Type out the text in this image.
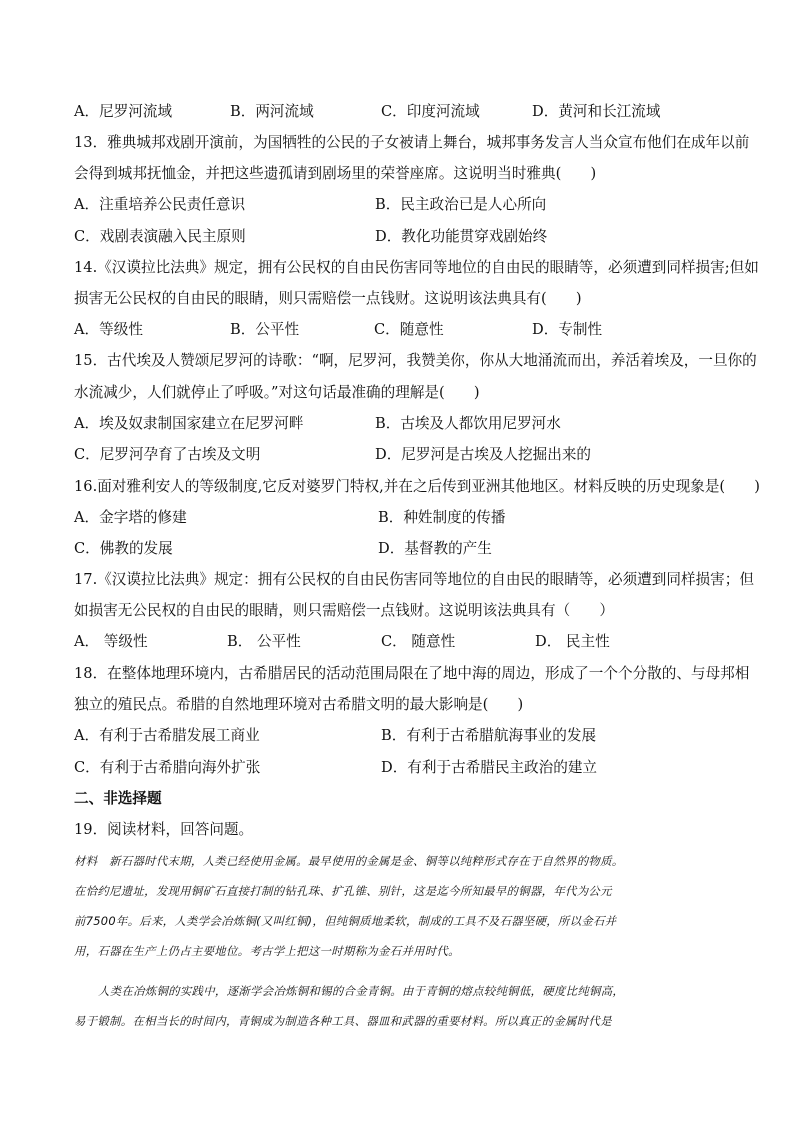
A．尼罗河流域	B．两河流域	C．印度河流域	D．黄河和长江流域

13．雅典城邦戏剧开演前，为国牺牲的公民的子女被请上舞台，城邦事务发言人当众宣布他们在成年以前

会得到城邦抚恤金，并把这些遗孤请到剧场里的荣誉座席。这说明当时雅典(　　)

A．注重培养公民责任意识	B．民主政治已是人心所向
C．戏剧表演融入民主原则	D．教化功能贯穿戏剧始终

14.《汉谟拉比法典》规定，拥有公民权的自由民伤害同等地位的自由民的眼睛等，必须遭到同样损害;但如

损害无公民权的自由民的眼睛，则只需赔偿一点钱财。这说明该法典具有(　　)

A．等级性	B．公平性	C．随意性	D．专制性

15．古代埃及人赞颂尼罗河的诗歌：“啊，尼罗河，我赞美你，你从大地涌流而出，养活着埃及，一旦你的

水流减少，人们就停止了呼吸。”对这句话最准确的理解是(　　)

A．埃及奴隶制国家建立在尼罗河畔	B．古埃及人都饮用尼罗河水
C．尼罗河孕育了古埃及文明	D．尼罗河是古埃及人挖掘出来的

16.面对雅利安人的等级制度,它反对婆罗门特权,并在之后传到亚洲其他地区。材料反映的历史现象是(　　)

A．金字塔的修建	B．种姓制度的传播
C．佛教的发展	D．基督教的产生

17.《汉谟拉比法典》规定：拥有公民权的自由民伤害同等地位的自由民的眼睛等，必须遭到同样损害；但

如损害无公民权的自由民的眼睛，则只需赔偿一点钱财。这说明该法典具有（　　）

A． 等级性	B． 公平性	C． 随意性	D． 民主性

18．在整体地理环境内，古希腊居民的活动范围局限在了地中海的周边，形成了一个个分散的、与母邦相

独立的殖民点。希腊的自然地理环境对古希腊文明的最大影响是(　　)

A．有利于古希腊发展工商业	B．有利于古希腊航海事业的发展
C．有利于古希腊向海外扩张	D．有利于古希腊民主政治的建立

二、非选择题

19．阅读材料，回答问题。

材料　新石器时代末期，人类已经使用金属。最早使用的金属是金、铜等以纯粹形式存在于自然界的物质。

在恰约尼遗址，发现用铜矿石直接打制的钻孔珠、扩孔锥、别针，这是迄今所知最早的铜器，年代为公元

前7500年。后来，人类学会冶炼铜(又叫红铜)，但纯铜质地柔软，制成的工具不及石器坚硬，所以金石并

用，石器在生产上仍占主要地位。考古学上把这一时期称为金石并用时代。

人类在冶炼铜的实践中，逐渐学会冶炼铜和锡的合金青铜。由于青铜的熔点较纯铜低，硬度比纯铜高，

易于锻制。在相当长的时间内，青铜成为制造各种工具、器皿和武器的重要材料。所以真正的金属时代是
